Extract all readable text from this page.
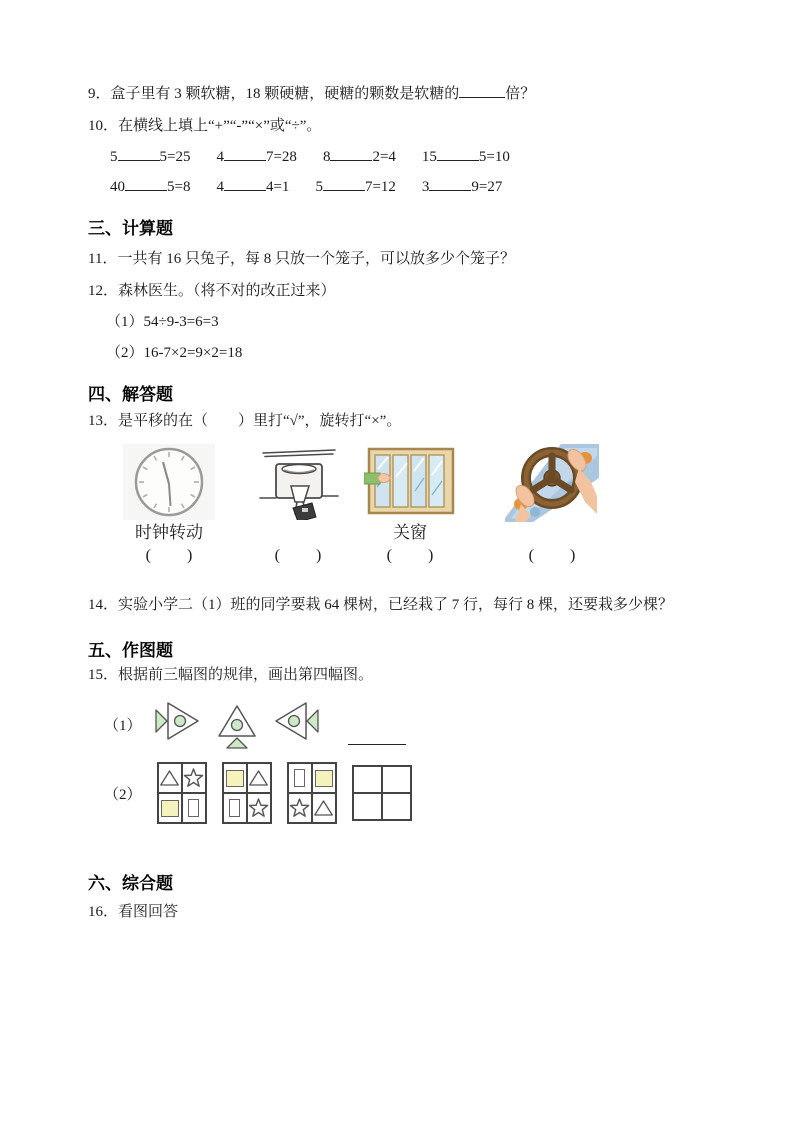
9．盒子里有 3 颗软糖，18 颗硬糖，硬糖的颗数是软糖的	倍？

10．在横线上填上“+”“-”“×”或“÷”。

5	5=25 4	7=28 8	2=4 15	5=10
40	5=8 4	4=1 5	7=12 3	9=27
三、计算题

11．一共有 16 只兔子，每 8 只放一个笼子，可以放多少个笼子？

12．森林医生。（将不对的改正过来）

（1）54÷9-3=6=3

（2）16-7×2=9×2=18

四、解答题

13．是平移的在（        ）里打“√”，旋转打“×”。

时钟转动
( )	( )
关窗
( )	( )

14．实验小学二（1）班的同学要栽 64 棵树，已经栽了 7 行，每行 8 棵，还要栽多少棵？

五、作图题

15．根据前三幅图的规律，画出第四幅图。

（1）
（2）
六、综合题

16．看图回答
